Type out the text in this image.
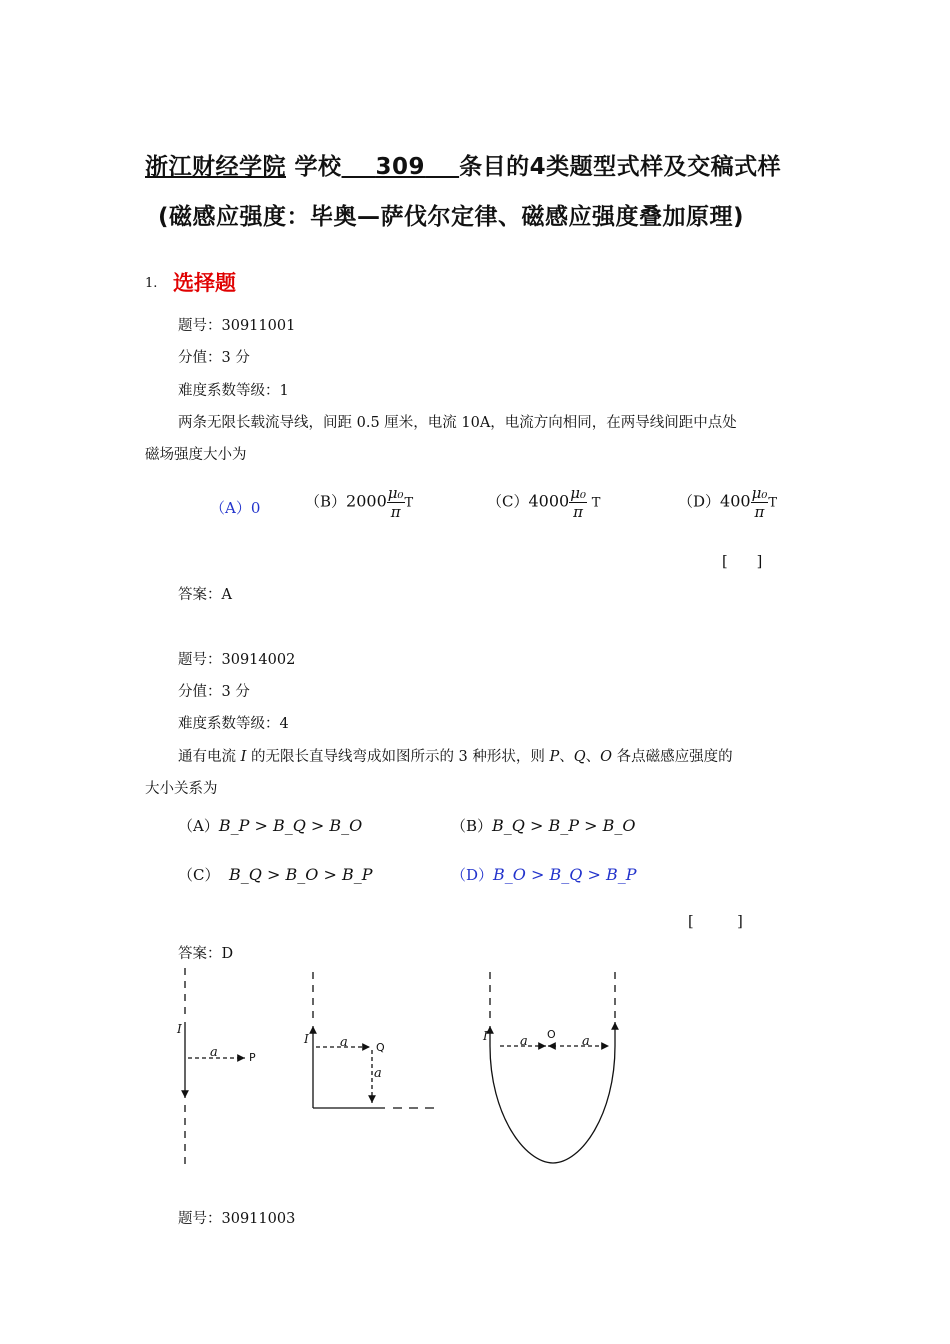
浙江财经学院 学校 309 条目的4类题型式样及交稿式样
(磁感应强度：毕奥—萨伐尔定律、磁感应强度叠加原理)
1. 选择题
题号：30911001
分值：3 分
难度系数等级：1
两条无限长载流导线，间距 0.5 厘米，电流 10A，电流方向相同，在两导线间距中点处
磁场强度大小为
（A）0	$(B)2000 \frac{\text{μ₀}}{\pi}$ T	$(C)4000 \frac{\text{μ₀}}{\pi}$ T	$(D)400 \frac{\text{μ₀}}{\pi}$ T
[　　]
答案：A
题号：30914002
分值：3 分
难度系数等级：4
通有电流 I 的无限长直导线弯成如图所示的 3 种形状，则 P、Q、O 各点磁感应强度的
大小关系为
（A）B_P > B_Q > B_O	（B）B_Q > B_P > B_O
（C） B_Q > B_O > B_P	（D）B_O > B_Q > B_P
[　　　]
答案：D
I
a	P
I a	Q
a
I a O a
题号：30911003
